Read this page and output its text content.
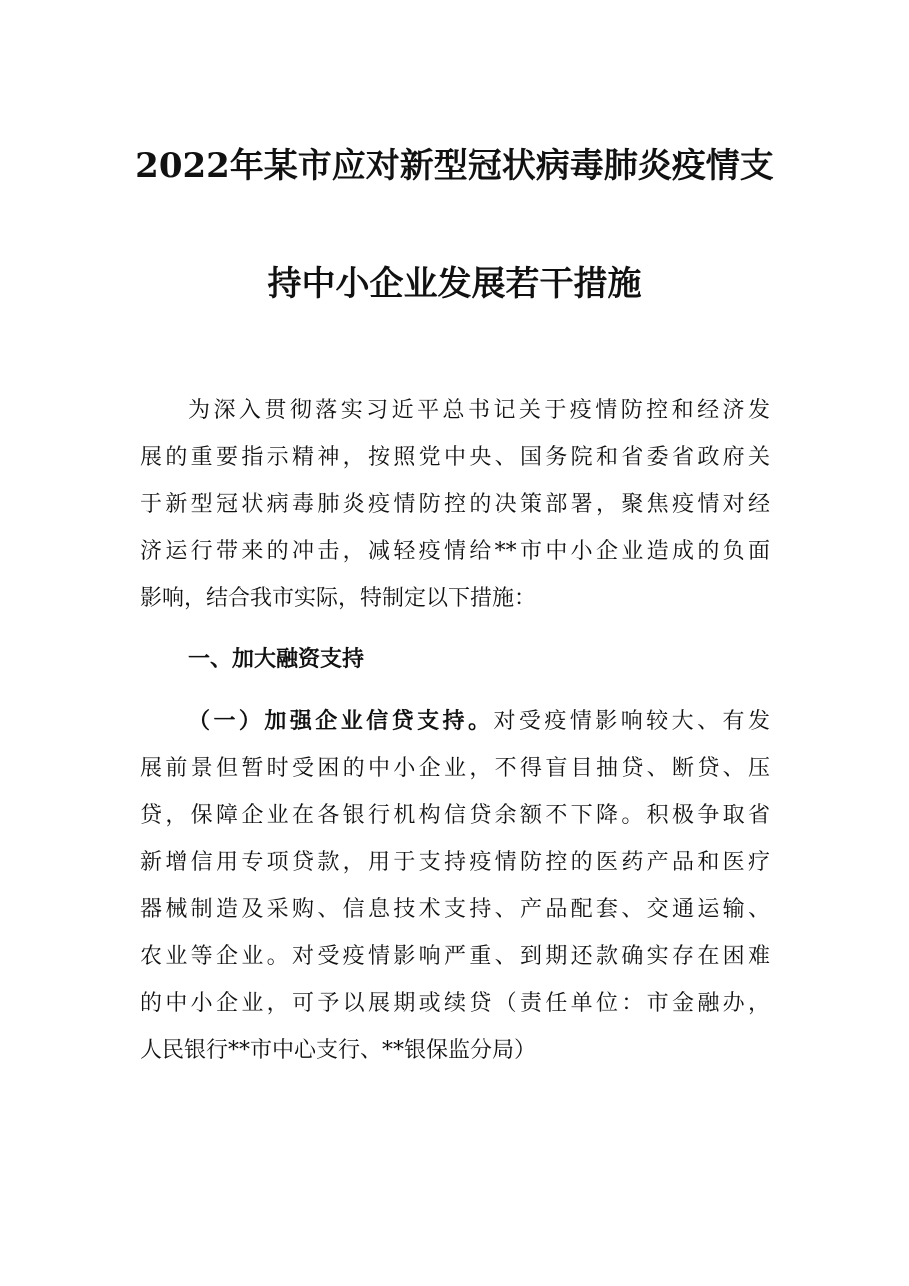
2022年某市应对新型冠状病毒肺炎疫情支
持中小企业发展若干措施
为深入贯彻落实习近平总书记关于疫情防控和经济发
展的重要指示精神，按照党中央、国务院和省委省政府关
于新型冠状病毒肺炎疫情防控的决策部署，聚焦疫情对经
济运行带来的冲击，减轻疫情给**市中小企业造成的负面
影响，结合我市实际，特制定以下措施：
一、加大融资支持
（一）加强企业信贷支持。对受疫情影响较大、有发
展前景但暂时受困的中小企业，不得盲目抽贷、断贷、压
贷，保障企业在各银行机构信贷余额不下降。积极争取省
新增信用专项贷款，用于支持疫情防控的医药产品和医疗
器械制造及采购、信息技术支持、产品配套、交通运输、
农业等企业。对受疫情影响严重、到期还款确实存在困难
的中小企业，可予以展期或续贷（责任单位：市金融办，
人民银行**市中心支行、**银保监分局）
